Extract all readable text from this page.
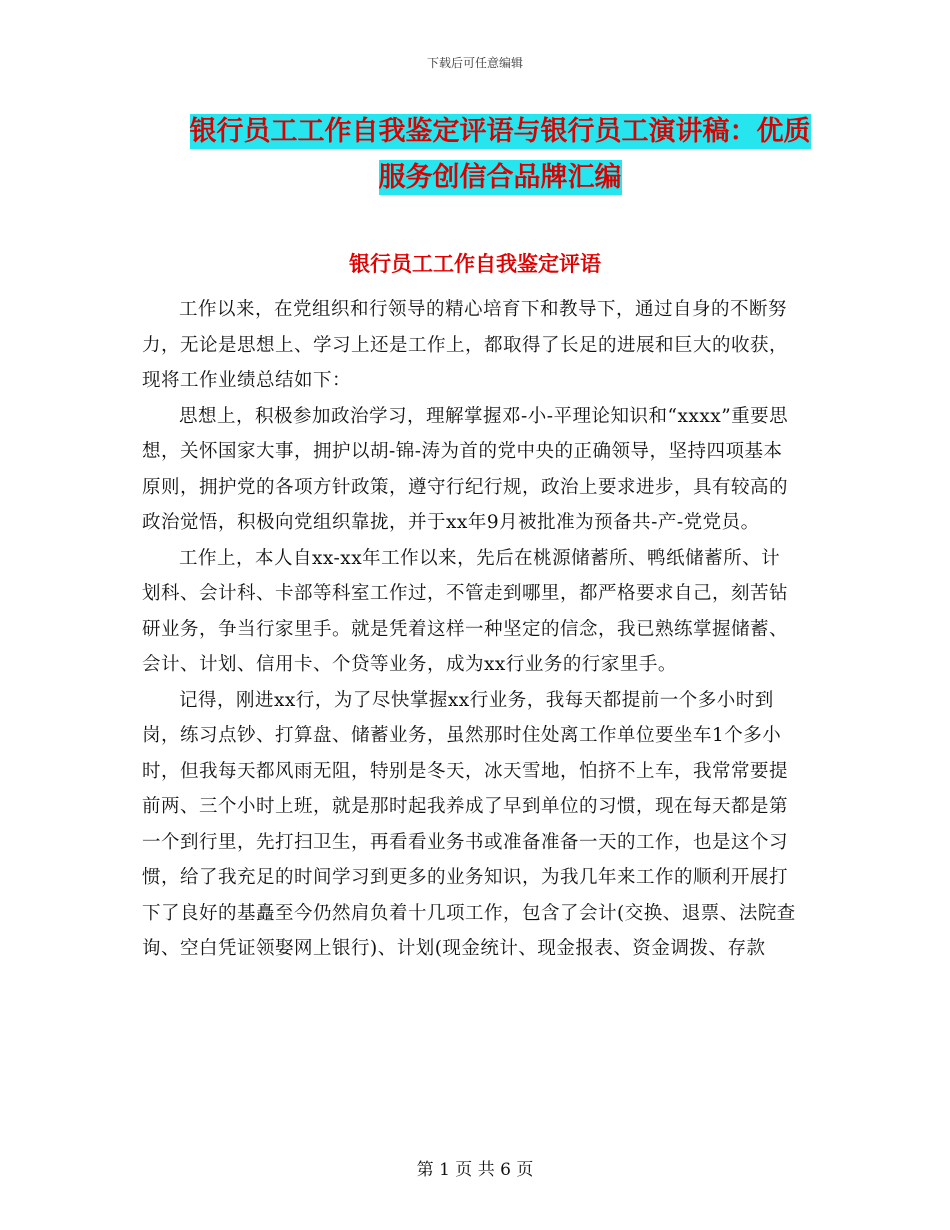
下载后可任意编辑
银行员工工作自我鉴定评语与银行员工演讲稿：优质服务创信合品牌汇编
银行员工工作自我鉴定评语

工作以来，在党组织和行领导的精心培育下和教导下，通过自身的不断努力，无论是思想上、学习上还是工作上，都取得了长足的进展和巨大的收获，现将工作业绩总结如下：

思想上，积极参加政治学习，理解掌握邓-小-平理论知识和“xxxx”重要思想，关怀国家大事，拥护以胡-锦-涛为首的党中央的正确领导，坚持四项基本原则，拥护党的各项方针政策，遵守行纪行规，政治上要求进步，具有较高的政治觉悟，积极向党组织靠拢，并于xx年9月被批准为预备共-产-党党员。

工作上，本人自xx-xx年工作以来，先后在桃源储蓄所、鸭纸储蓄所、计划科、会计科、卡部等科室工作过，不管走到哪里，都严格要求自己，刻苦钻研业务，争当行家里手。就是凭着这样一种坚定的信念，我已熟练掌握储蓄、会计、计划、信用卡、个贷等业务，成为xx行业务的行家里手。

记得，刚进xx行，为了尽快掌握xx行业务，我每天都提前一个多小时到岗，练习点钞、打算盘、储蓄业务，虽然那时住处离工作单位要坐车1个多小时，但我每天都风雨无阻，特别是冬天，冰天雪地，怕挤不上车，我常常要提前两、三个小时上班，就是那时起我养成了早到单位的习惯，现在每天都是第一个到行里，先打扫卫生，再看看业务书或准备准备一天的工作，也是这个习惯，给了我充足的时间学习到更多的业务知识，为我几年来工作的顺利开展打下了良好的基矗至今仍然肩负着十几项工作，包含了会计(交换、退票、法院查询、空白凭证领娶网上银行)、计划(现金统计、现金报表、资金调拨、存款

第 1 页 共 6 页
